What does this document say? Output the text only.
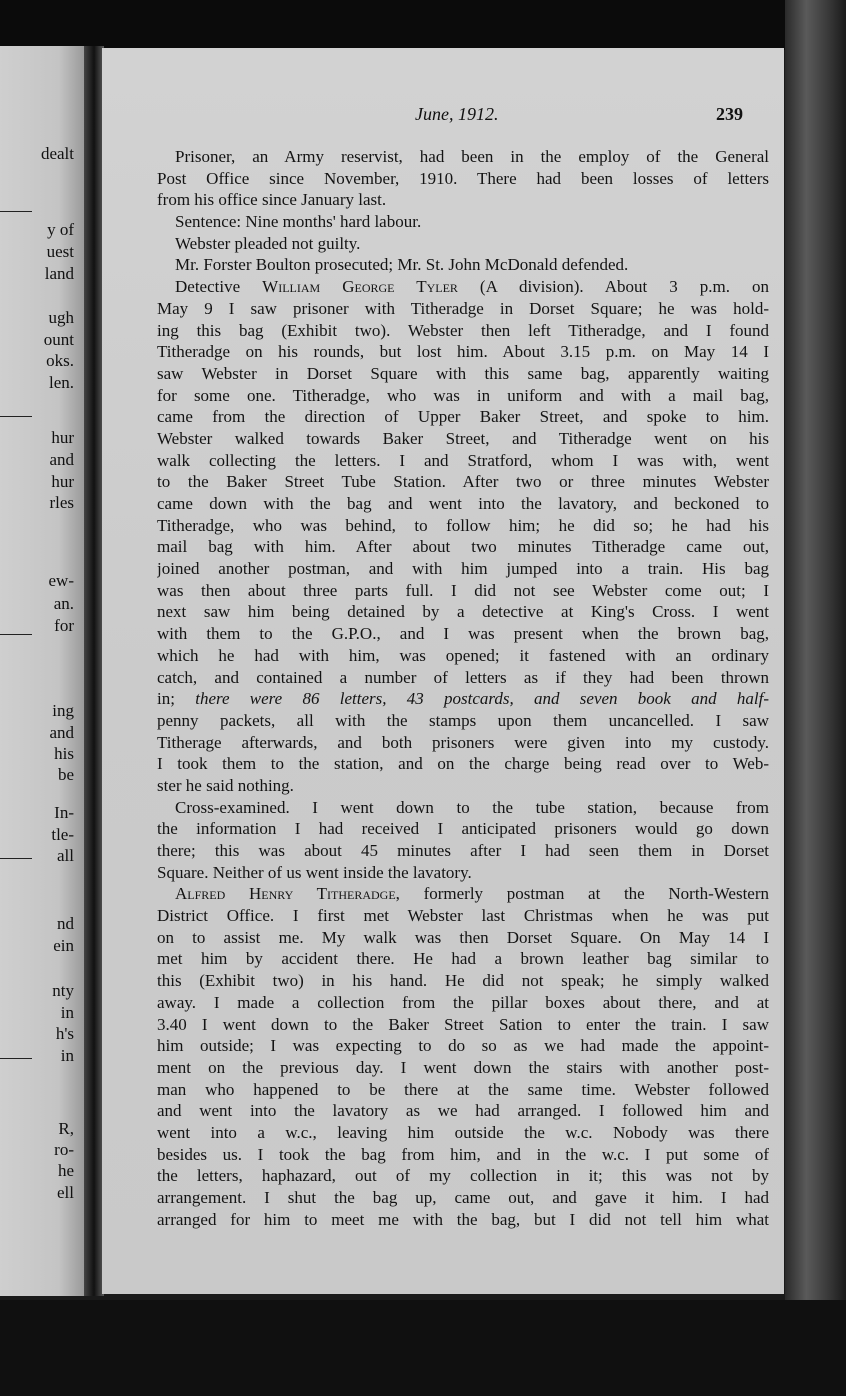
dealt
y of
uest
land
ugh
ount
oks.
len.
hur
and
hur
rles
ew-
an.
for
ing
and
his
be
In-
tle-
all
nd
ein
nty
in
h's
in
R,
ro-
he
ell
June, 1912.	239
Prisoner, an Army reservist, had been in the employ of the General
Post Office since November, 1910. There had been losses of letters
from his office since January last.
Sentence: Nine months' hard labour.
Webster pleaded not guilty.
Mr. Forster Boulton prosecuted; Mr. St. John McDonald defended.
Detective William George Tyler (A division). About 3 p.m. on
May 9 I saw prisoner with Titheradge in Dorset Square; he was hold-
ing this bag (Exhibit two). Webster then left Titheradge, and I found
Titheradge on his rounds, but lost him. About 3.15 p.m. on May 14 I
saw Webster in Dorset Square with this same bag, apparently waiting
for some one. Titheradge, who was in uniform and with a mail bag,
came from the direction of Upper Baker Street, and spoke to him.
Webster walked towards Baker Street, and Titheradge went on his
walk collecting the letters. I and Stratford, whom I was with, went
to the Baker Street Tube Station. After two or three minutes Webster
came down with the bag and went into the lavatory, and beckoned to
Titheradge, who was behind, to follow him; he did so; he had his
mail bag with him. After about two minutes Titheradge came out,
joined another postman, and with him jumped into a train. His bag
was then about three parts full. I did not see Webster come out; I
next saw him being detained by a detective at King's Cross. I went
with them to the G.P.O., and I was present when the brown bag,
which he had with him, was opened; it fastened with an ordinary
catch, and contained a number of letters as if they had been thrown
in; there were 86 letters, 43 postcards, and seven book and half-
penny packets, all with the stamps upon them uncancelled. I saw
Titherage afterwards, and both prisoners were given into my custody.
I took them to the station, and on the charge being read over to Web-
ster he said nothing.
Cross-examined. I went down to the tube station, because from
the information I had received I anticipated prisoners would go down
there; this was about 45 minutes after I had seen them in Dorset
Square. Neither of us went inside the lavatory.
Alfred Henry Titheradge, formerly postman at the North-Western
District Office. I first met Webster last Christmas when he was put
on to assist me. My walk was then Dorset Square. On May 14 I
met him by accident there. He had a brown leather bag similar to
this (Exhibit two) in his hand. He did not speak; he simply walked
away. I made a collection from the pillar boxes about there, and at
3.40 I went down to the Baker Street Sation to enter the train. I saw
him outside; I was expecting to do so as we had made the appoint-
ment on the previous day. I went down the stairs with another post-
man who happened to be there at the same time. Webster followed
and went into the lavatory as we had arranged. I followed him and
went into a w.c., leaving him outside the w.c. Nobody was there
besides us. I took the bag from him, and in the w.c. I put some of
the letters, haphazard, out of my collection in it; this was not by
arrangement. I shut the bag up, came out, and gave it him. I had
arranged for him to meet me with the bag, but I did not tell him what
